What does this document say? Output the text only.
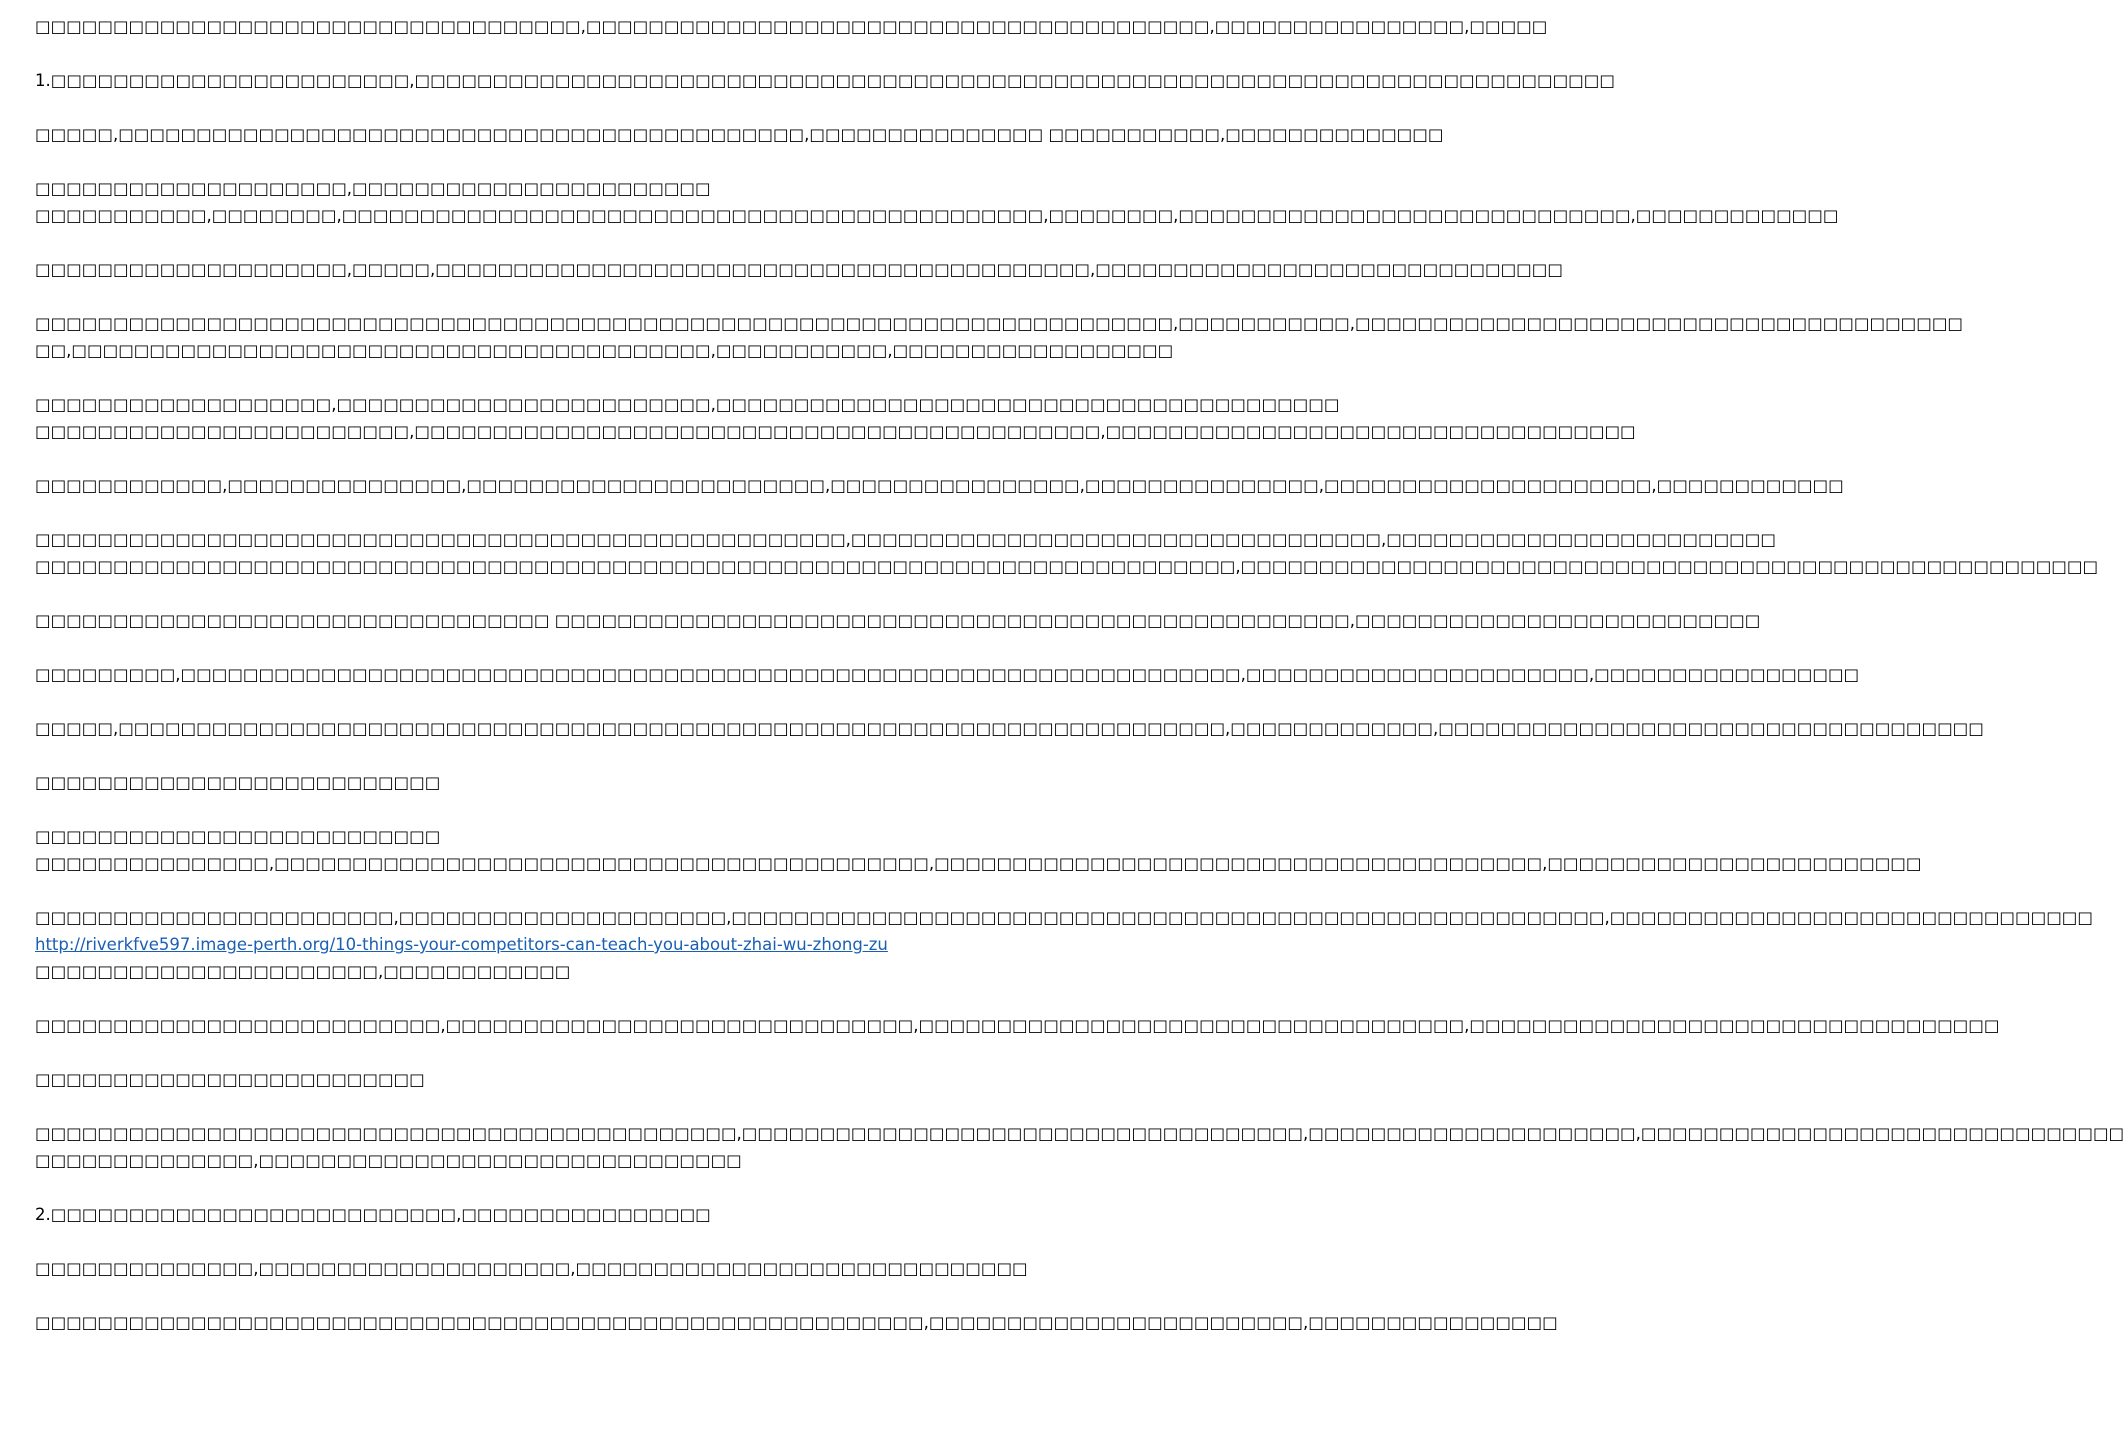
□□□□□□□□□□□□□□□□□□□□□□□□□□□□□□□□□□□,□□□□□□□□□□□□□□□□□□□□□□□□□□□□□□□□□□□□□□□□,□□□□□□□□□□□□□□□□,□□□□□

1.□□□□□□□□□□□□□□□□□□□□□□□,□□□□□□□□□□□□□□□□□□□□□□□□□□□□□□□□□□□□□□□□□□□□□□□□□□□□□□□□□□□□□□□□□□□□□□□□□□□□□

□□□□□,□□□□□□□□□□□□□□□□□□□□□□□□□□□□□□□□□□□□□□□□□□□□,□□□□□□□□□□□□□□□ □□□□□□□□□□□,□□□□□□□□□□□□□□

□□□□□□□□□□□□□□□□□□□□,□□□□□□□□□□□□□□□□□□□□□□□
□□□□□□□□□□□,□□□□□□□□,□□□□□□□□□□□□□□□□□□□□□□□□□□□□□□□□□□□□□□□□□□□□□,□□□□□□□□,□□□□□□□□□□□□□□□□□□□□□□□□□□□□□,□□□□□□□□□□□□□

□□□□□□□□□□□□□□□□□□□□,□□□□□,□□□□□□□□□□□□□□□□□□□□□□□□□□□□□□□□□□□□□□□□□□,□□□□□□□□□□□□□□□□□□□□□□□□□□□□□□

□□□□□□□□□□□□□□□□□□□□□□□□□□□□□□□□□□□□□□□□□□□□□□□□□□□□□□□□□□□□□□□□□□□□□□□□□,□□□□□□□□□□□,□□□□□□□□□□□□□□□□□□□□□□□□□□□□□□□□□□□□□□□
□□,□□□□□□□□□□□□□□□□□□□□□□□□□□□□□□□□□□□□□□□□□,□□□□□□□□□□□,□□□□□□□□□□□□□□□□□□

□□□□□□□□□□□□□□□□□□□,□□□□□□□□□□□□□□□□□□□□□□□□,□□□□□□□□□□□□□□□□□□□□□□□□□□□□□□□□□□□□□□□□
□□□□□□□□□□□□□□□□□□□□□□□□,□□□□□□□□□□□□□□□□□□□□□□□□□□□□□□□□□□□□□□□□□□□□,□□□□□□□□□□□□□□□□□□□□□□□□□□□□□□□□□□

□□□□□□□□□□□□,□□□□□□□□□□□□□□□,□□□□□□□□□□□□□□□□□□□□□□□,□□□□□□□□□□□□□□□□,□□□□□□□□□□□□□□□,□□□□□□□□□□□□□□□□□□□□□,□□□□□□□□□□□□

□□□□□□□□□□□□□□□□□□□□□□□□□□□□□□□□□□□□□□□□□□□□□□□□□□□□,□□□□□□□□□□□□□□□□□□□□□□□□□□□□□□□□□□,□□□□□□□□□□□□□□□□□□□□□□□□□
□□□□□□□□□□□□□□□□□□□□□□□□□□□□□□□□□□□□□□□□□□□□□□□□□□□□□□□□□□□□□□□□□□□□□□□□□□□□□,□□□□□□□□□□□□□□□□□□□□□□□□□□□□□□□□□□□□□□□□□□□□□□□□□□□□□□□

□□□□□□□□□□□□□□□□□□□□□□□□□□□□□□□□□ □□□□□□□□□□□□□□□□□□□□□□□□□□□□□□□□□□□□□□□□□□□□□□□□□□□,□□□□□□□□□□□□□□□□□□□□□□□□□□

□□□□□□□□□,□□□□□□□□□□□□□□□□□□□□□□□□□□□□□□□□□□□□□□□□□□□□□□□□□□□□□□□□□□□□□□□□□□□□,□□□□□□□□□□□□□□□□□□□□□□,□□□□□□□□□□□□□□□□□

□□□□□,□□□□□□□□□□□□□□□□□□□□□□□□□□□□□□□□□□□□□□□□□□□□□□□□□□□□□□□□□□□□□□□□□□□□□□□,□□□□□□□□□□□□□,□□□□□□□□□□□□□□□□□□□□□□□□□□□□□□□□□□□

□□□□□□□□□□□□□□□□□□□□□□□□□□

□□□□□□□□□□□□□□□□□□□□□□□□□□
□□□□□□□□□□□□□□□,□□□□□□□□□□□□□□□□□□□□□□□□□□□□□□□□□□□□□□□□□□,□□□□□□□□□□□□□□□□□□□□□□□□□□□□□□□□□□□□□□□,□□□□□□□□□□□□□□□□□□□□□□□□

□□□□□□□□□□□□□□□□□□□□□□□,□□□□□□□□□□□□□□□□□□□□□,□□□□□□□□□□□□□□□□□□□□□□□□□□□□□□□□□□□□□□□□□□□□□□□□□□□□□□□□,□□□□□□□□□□□□□□□□□□□□□□□□□□□□□□□
http://riverkfve597.image-perth.org/10-things-your-competitors-can-teach-you-about-zhai-wu-zhong-zu
□□□□□□□□□□□□□□□□□□□□□□,□□□□□□□□□□□□

□□□□□□□□□□□□□□□□□□□□□□□□□□,□□□□□□□□□□□□□□□□□□□□□□□□□□□□□□,□□□□□□□□□□□□□□□□□□□□□□□□□□□□□□□□□□□,□□□□□□□□□□□□□□□□□□□□□□□□□□□□□□□□□□

□□□□□□□□□□□□□□□□□□□□□□□□□

□□□□□□□□□□□□□□□□□□□□□□□□□□□□□□□□□□□□□□□□□□□□□,□□□□□□□□□□□□□□□□□□□□□□□□□□□□□□□□□□□□,□□□□□□□□□□□□□□□□□□□□□,□□□□□□□□□□□□□□□□□□□□□□□□□□□□□□□
□□□□□□□□□□□□□□,□□□□□□□□□□□□□□□□□□□□□□□□□□□□□□□

2.□□□□□□□□□□□□□□□□□□□□□□□□□□,□□□□□□□□□□□□□□□□

□□□□□□□□□□□□□□,□□□□□□□□□□□□□□□□□□□□,□□□□□□□□□□□□□□□□□□□□□□□□□□□□□

□□□□□□□□□□□□□□□□□□□□□□□□□□□□□□□□□□□□□□□□□□□□□□□□□□□□□□□□□,□□□□□□□□□□□□□□□□□□□□□□□□,□□□□□□□□□□□□□□□□
